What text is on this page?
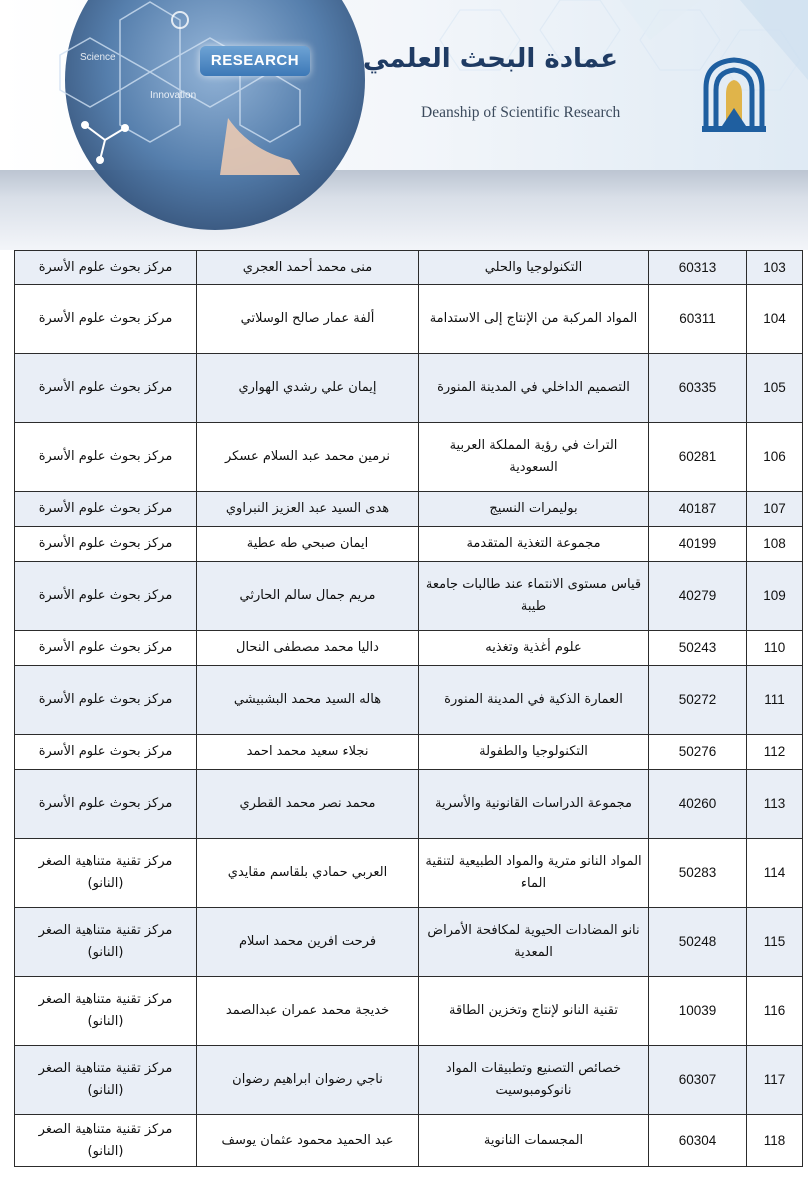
Science
Innovation
RESEARCH	عمادة البحث العلمي
Deanship of Scientific Research
103	60313	التكنولوجيا والحلي	منى محمد أحمد العجري	مركز بحوث علوم الأسرة
104	60311	المواد المركبة من الإنتاج إلى الاستدامة	ألفة عمار صالح الوسلاتي	مركز بحوث علوم الأسرة
105	60335	التصميم الداخلي في المدينة المنورة	إيمان علي رشدي الهواري	مركز بحوث علوم الأسرة
106	60281	التراث في رؤية المملكة العربية السعودية	نرمين محمد عبد السلام عسكر	مركز بحوث علوم الأسرة
107	40187	بوليمرات النسيج	هدى السيد عبد العزيز النبراوي	مركز بحوث علوم الأسرة
108	40199	مجموعة التغذية المتقدمة	ايمان صبحي طه عطية	مركز بحوث علوم الأسرة
109	40279	قياس مستوى الانتماء عند طالبات جامعة طيبة	مريم جمال سالم الحارثي	مركز بحوث علوم الأسرة
110	50243	علوم أغذية وتغذيه	داليا محمد مصطفى النحال	مركز بحوث علوم الأسرة
111	50272	العمارة الذكية في المدينة المنورة	هاله السيد محمد البشبيشي	مركز بحوث علوم الأسرة
112	50276	التكنولوجيا والطفولة	نجلاء سعيد محمد احمد	مركز بحوث علوم الأسرة
113	40260	مجموعة الدراسات القانونية والأسرية	محمد نصر محمد القطري	مركز بحوث علوم الأسرة
114	50283	المواد النانو مترية والمواد الطبيعية لتنقية الماء	العربي حمادي بلقاسم مقايدي	مركز تقنية متناهية الصغر (النانو)
115	50248	نانو المضادات الحيوية لمكافحة الأمراض المعدية	فرحت افرين محمد اسلام	مركز تقنية متناهية الصغر (النانو)
116	10039	تقنية النانو لإنتاج وتخزين الطاقة	خديجة محمد عمران عبدالصمد	مركز تقنية متناهية الصغر (النانو)
117	60307	خصائص التصنيع وتطبيقات المواد نانوكومبوسيت	ناجي رضوان ابراهيم رضوان	مركز تقنية متناهية الصغر (النانو)
118	60304	المجسمات النانوية	عبد الحميد محمود عثمان يوسف	مركز تقنية متناهية الصغر (النانو)
